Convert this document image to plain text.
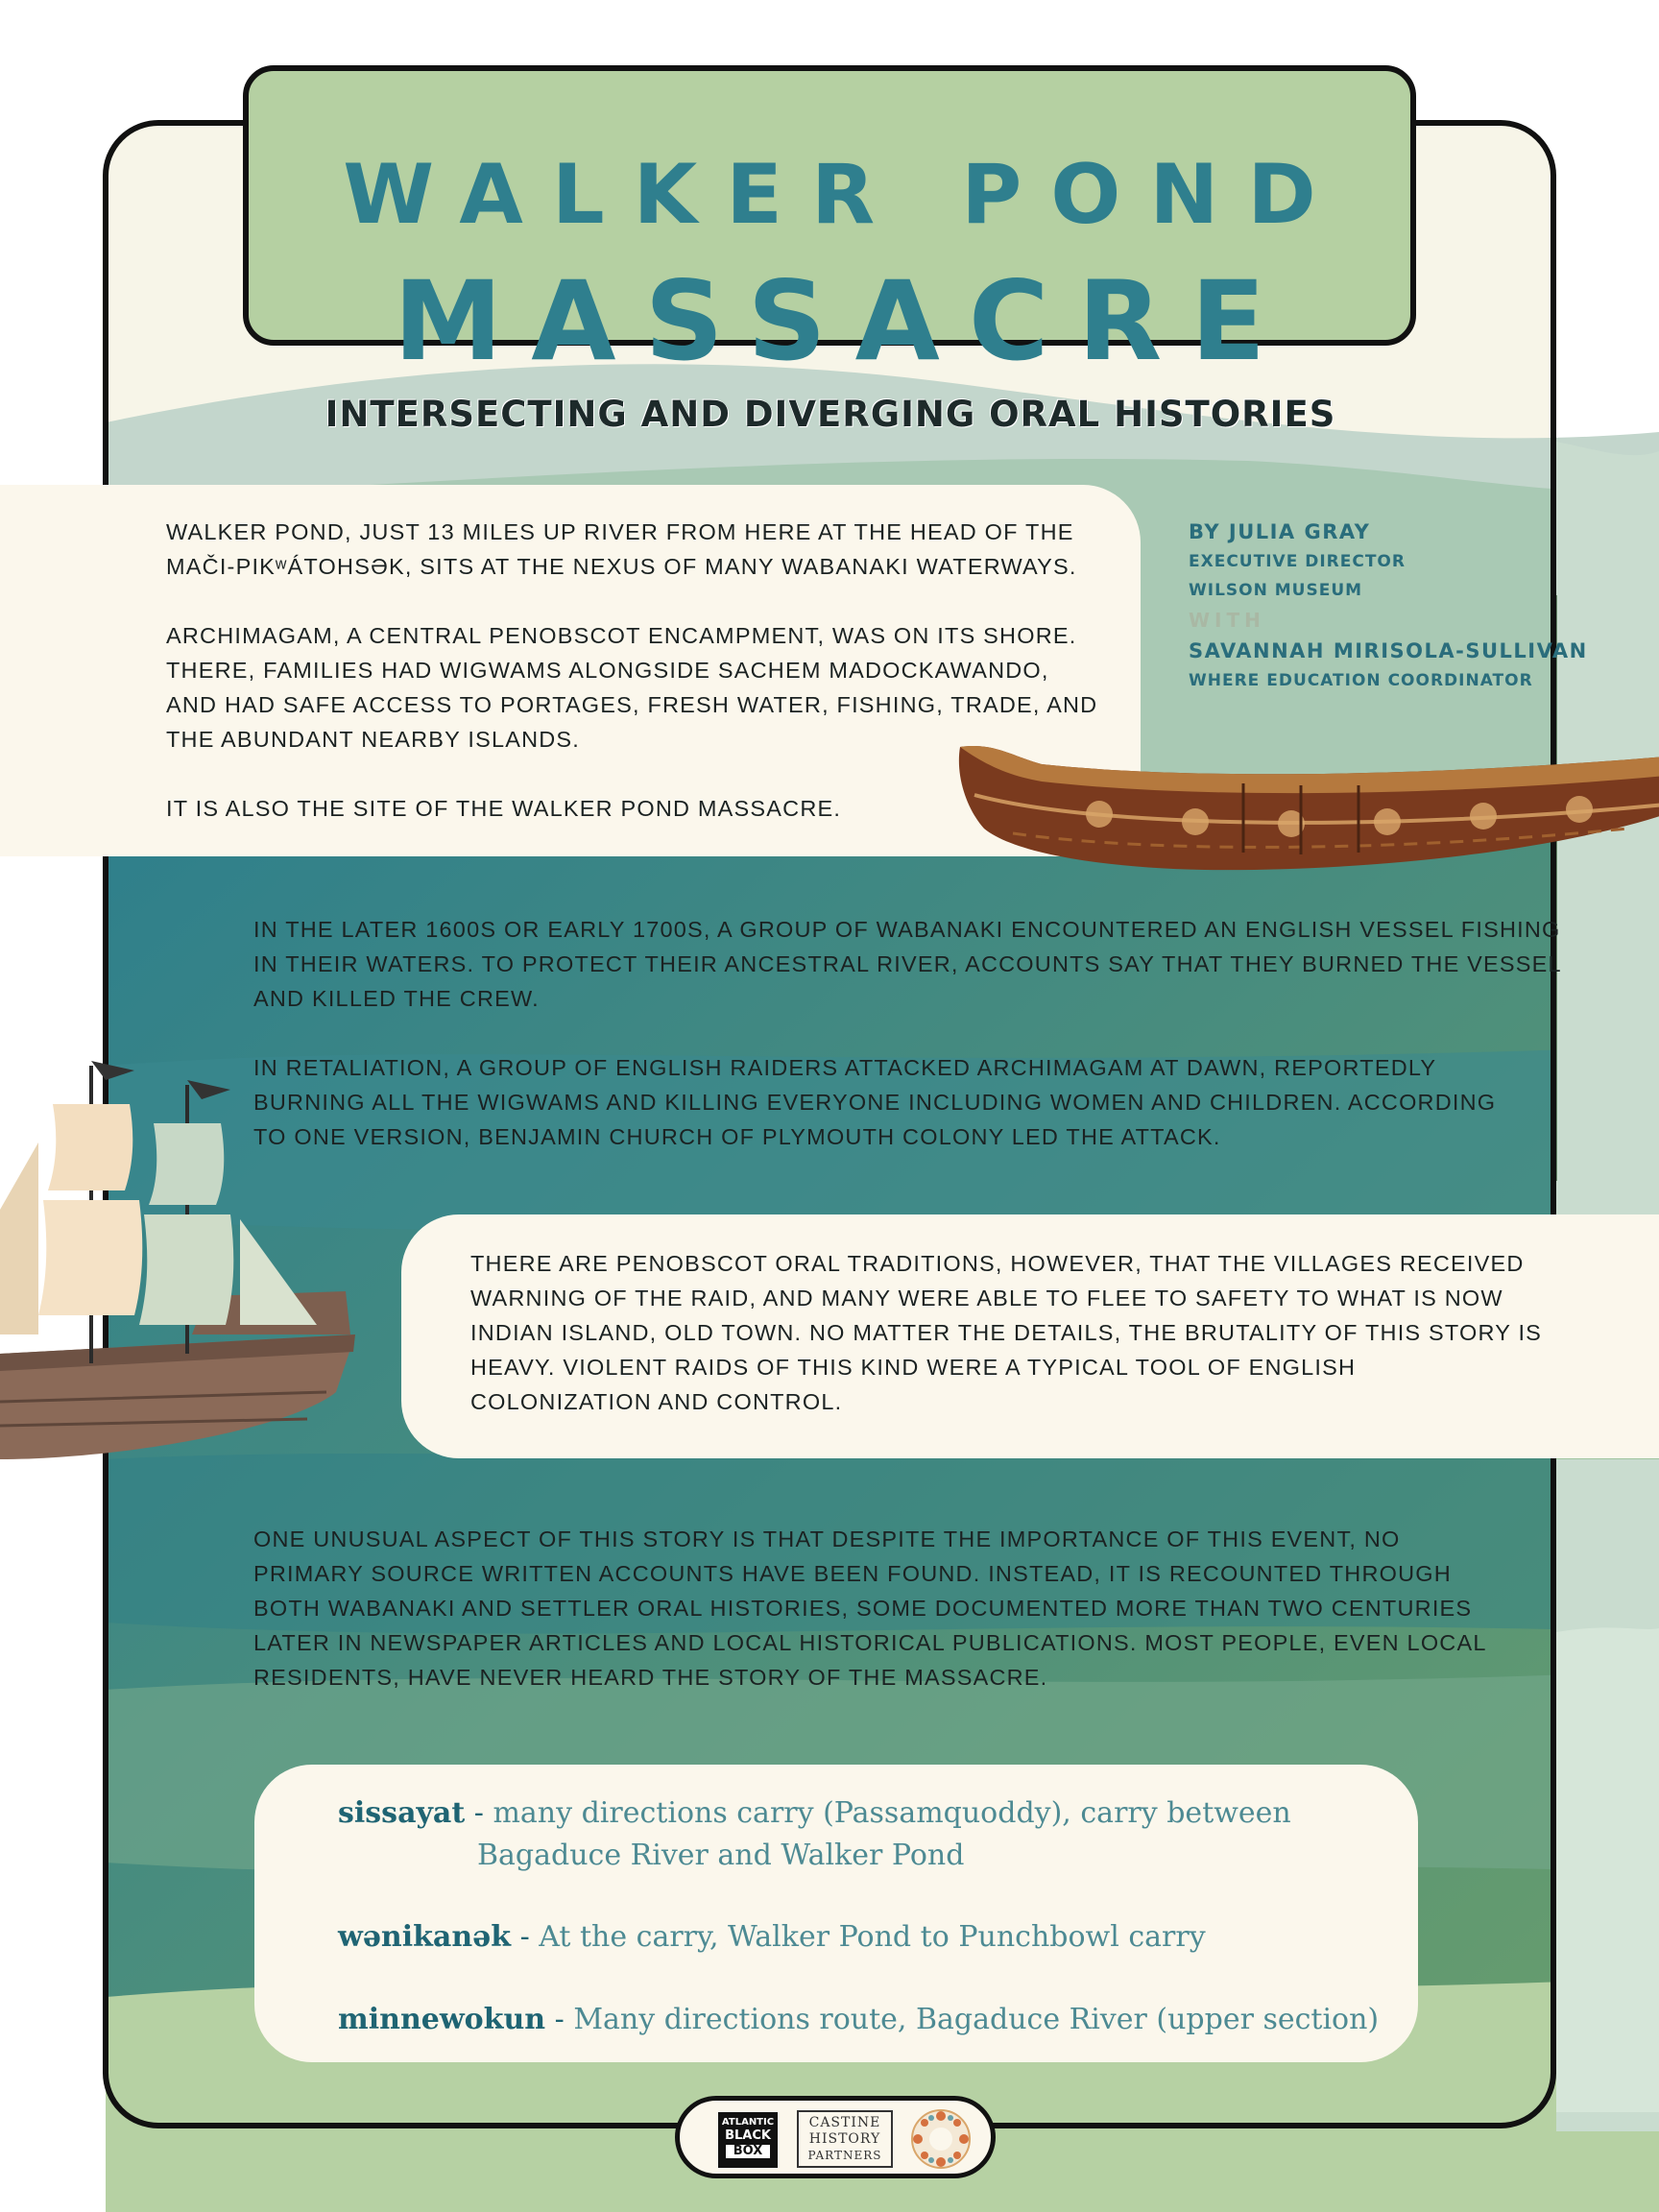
WALKER POND
MASSACRE
INTERSECTING AND DIVERGING ORAL HISTORIES

WALKER POND, JUST 13 MILES UP RIVER FROM HERE AT THE HEAD OF THE

MAČI-PIKʷÁTOHSƏK, SITS AT THE NEXUS OF MANY WABANAKI WATERWAYS.

ARCHIMAGAM, A CENTRAL PENOBSCOT ENCAMPMENT, WAS ON ITS SHORE.

THERE, FAMILIES HAD WIGWAMS ALONGSIDE SACHEM MADOCKAWANDO,

AND HAD SAFE ACCESS TO PORTAGES, FRESH WATER, FISHING, TRADE, AND

THE ABUNDANT NEARBY ISLANDS.

IT IS ALSO THE SITE OF THE WALKER POND MASSACRE.

BY JULIA GRAY
EXECUTIVE DIRECTOR
WILSON MUSEUM
WITH
SAVANNAH MIRISOLA-SULLIVAN
WHERE EDUCATION COORDINATOR

IN THE LATER 1600S OR EARLY 1700S, A GROUP OF WABANAKI ENCOUNTERED AN ENGLISH VESSEL FISHING

IN THEIR WATERS. TO PROTECT THEIR ANCESTRAL RIVER, ACCOUNTS SAY THAT THEY BURNED THE VESSEL

AND KILLED THE CREW.

IN RETALIATION, A GROUP OF ENGLISH RAIDERS ATTACKED ARCHIMAGAM AT DAWN, REPORTEDLY

BURNING ALL THE WIGWAMS AND KILLING EVERYONE INCLUDING WOMEN AND CHILDREN. ACCORDING

TO ONE VERSION, BENJAMIN CHURCH OF PLYMOUTH COLONY LED THE ATTACK.

THERE ARE PENOBSCOT ORAL TRADITIONS, HOWEVER, THAT THE VILLAGES RECEIVED

WARNING OF THE RAID, AND MANY WERE ABLE TO FLEE TO SAFETY TO WHAT IS NOW

INDIAN ISLAND, OLD TOWN. NO MATTER THE DETAILS, THE BRUTALITY OF THIS STORY IS

HEAVY. VIOLENT RAIDS OF THIS KIND WERE A TYPICAL TOOL OF ENGLISH

COLONIZATION AND CONTROL.

ONE UNUSUAL ASPECT OF THIS STORY IS THAT DESPITE THE IMPORTANCE OF THIS EVENT, NO

PRIMARY SOURCE WRITTEN ACCOUNTS HAVE BEEN FOUND. INSTEAD, IT IS RECOUNTED THROUGH

BOTH WABANAKI AND SETTLER ORAL HISTORIES, SOME DOCUMENTED MORE THAN TWO CENTURIES

LATER IN NEWSPAPER ARTICLES AND LOCAL HISTORICAL PUBLICATIONS. MOST PEOPLE, EVEN LOCAL

RESIDENTS, HAVE NEVER HEARD THE STORY OF THE MASSACRE.

sissayat - many directions carry (Passamquoddy), carry between
Bagaduce River and Walker Pond
wənikanək - At the carry, Walker Pond to Punchbowl carry
minnewokun - Many directions route, Bagaduce River (upper section)
ATLANTIC
BLACK
BOX
CASTINE
HISTORY
PARTNERS
